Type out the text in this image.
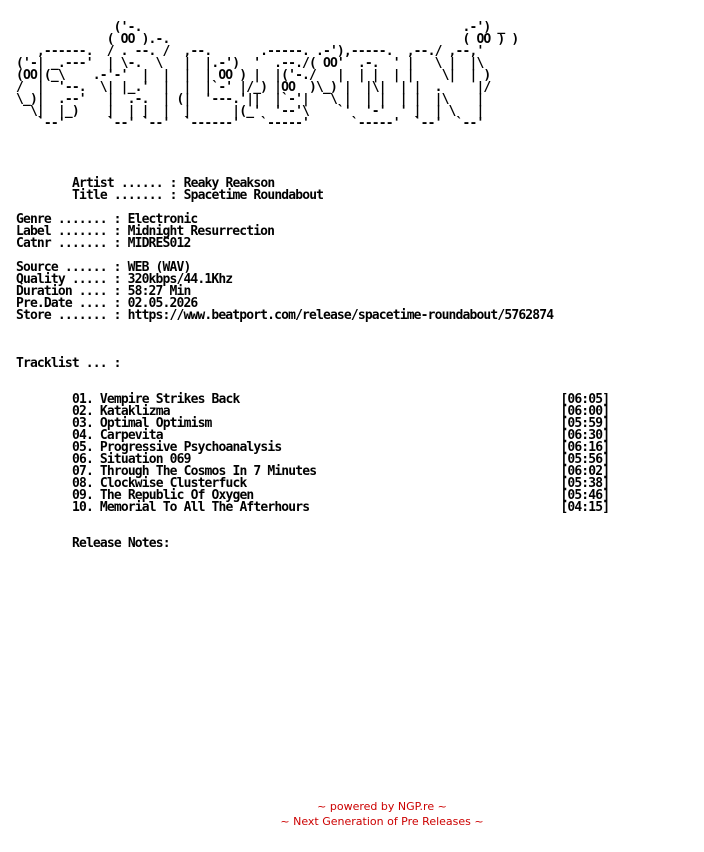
('-.                                              .-') _
( OO ).-.                                          ( OO ) )
,------.  / . --. /  ,--.       .-----. .-'),-----.  ,--./ ,--,'
('-| _.---'  | \-.  \   |  |.-')  '  .--./( OO'  .-.  ' |   \ |  |\
(OO|(_\    .-'-'  |  |  |  | OO ) |  |('-./   |  | |  | |    \|  | )
/  |  '--.  \| |_.'  |  |  |`-' |/_) |OO  )\_) |  |\|  | |  .     |/
\_)|  .--'   |  .-.  | (|  '---.'||  |`-'|   \ |  | |  | |  |\    |
\|  |_)    |  | |  |  |      |(_'  '--'\    `'  '-'  ' |  | \   |
`--'      `--' `--'  `------'   `-----'      `-----'  `--'  `--'

Artist ...... : Reaky Reakson
Title ....... : Spacetime Roundabout

Genre ....... : Electronic
Label ....... : Midnight Resurrection
Catnr ....... : MIDRES012

Source ...... : WEB (WAV)
Quality ..... : 320kbps/44.1Khz
Duration .... : 58:27 Min
Pre.Date .... : 02.05.2026
Store ....... : https://www.beatport.com/release/spacetime-roundabout/5762874

Tracklist ... :

01. Vempire Strikes Back                                              [06:05]
02. Kataklizma                                                        [06:00]
03. Optimal Optimism                                                  [05:59]
04. Carpevita                                                         [06:30]
05. Progressive Psychoanalysis                                        [06:16]
06. Situation 069                                                     [05:56]
07. Through The Cosmos In 7 Minutes                                   [06:02]
08. Clockwise Clusterfuck                                             [05:38]
09. The Republic Of Oxygen                                            [05:46]
10. Memorial To All The Afterhours                                    [04:15]

Release Notes:
~ powered by NGP.re ~
~ Next Generation of Pre Releases ~
